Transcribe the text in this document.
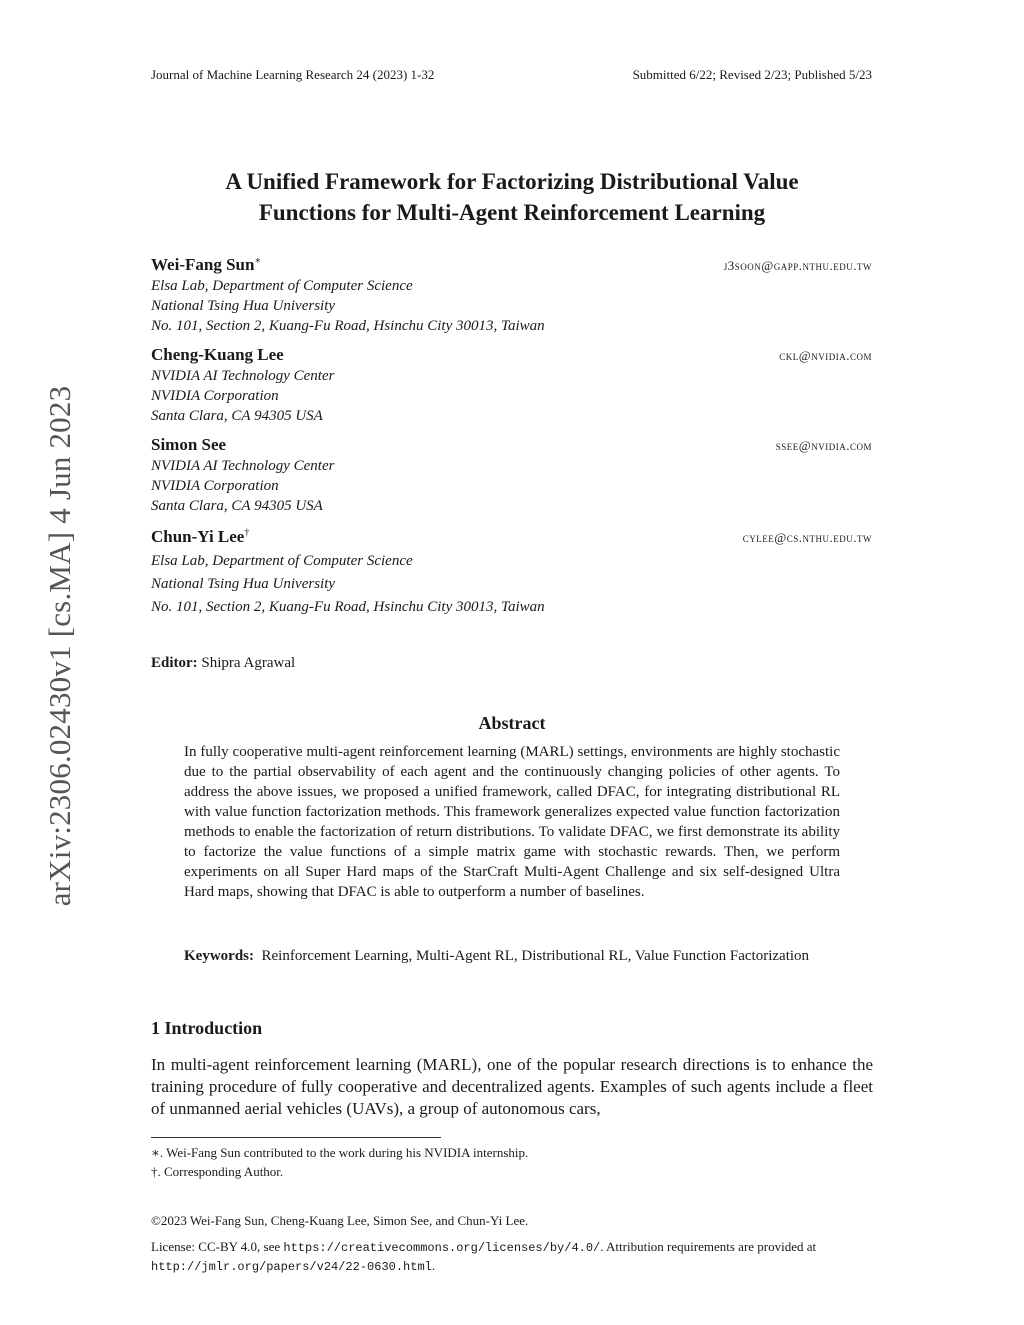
Journal of Machine Learning Research 24 (2023) 1-32	Submitted 6/22; Revised 2/23; Published 5/23
arXiv:2306.02430v1 [cs.MA] 4 Jun 2023
A Unified Framework for Factorizing Distributional Value
Functions for Multi-Agent Reinforcement Learning
Wei-Fang Sun∗	j3soon@gapp.nthu.edu.tw
Elsa Lab, Department of Computer Science
National Tsing Hua University
No. 101, Section 2, Kuang-Fu Road, Hsinchu City 30013, Taiwan
Cheng-Kuang Lee	ckl@nvidia.com
NVIDIA AI Technology Center
NVIDIA Corporation
Santa Clara, CA 94305 USA
Simon See	ssee@nvidia.com
NVIDIA AI Technology Center
NVIDIA Corporation
Santa Clara, CA 94305 USA
Chun-Yi Lee†	cylee@cs.nthu.edu.tw
Elsa Lab, Department of Computer Science
National Tsing Hua University
No. 101, Section 2, Kuang-Fu Road, Hsinchu City 30013, Taiwan
Editor: Shipra Agrawal
Abstract
In fully cooperative multi-agent reinforcement learning (MARL) settings, environments are highly stochastic due to the partial observability of each agent and the continuously changing policies of other agents. To address the above issues, we proposed a unified framework, called DFAC, for integrating distributional RL with value function factorization methods. This framework generalizes expected value function factorization methods to enable the factorization of return distributions. To validate DFAC, we first demonstrate its ability to factorize the value functions of a simple matrix game with stochastic rewards. Then, we perform experiments on all Super Hard maps of the StarCraft Multi-Agent Challenge and six self-designed Ultra Hard maps, showing that DFAC is able to outperform a number of baselines.
Keywords: Reinforcement Learning, Multi-Agent RL, Distributional RL, Value Function Factorization
1 Introduction
In multi-agent reinforcement learning (MARL), one of the popular research directions is to enhance the training procedure of fully cooperative and decentralized agents. Examples of such agents include a fleet of unmanned aerial vehicles (UAVs), a group of autonomous cars,
∗. Wei-Fang Sun contributed to the work during his NVIDIA internship.
†. Corresponding Author.
©2023 Wei-Fang Sun, Cheng-Kuang Lee, Simon See, and Chun-Yi Lee.
License: CC-BY 4.0, see https://creativecommons.org/licenses/by/4.0/. Attribution requirements are provided at http://jmlr.org/papers/v24/22-0630.html.
